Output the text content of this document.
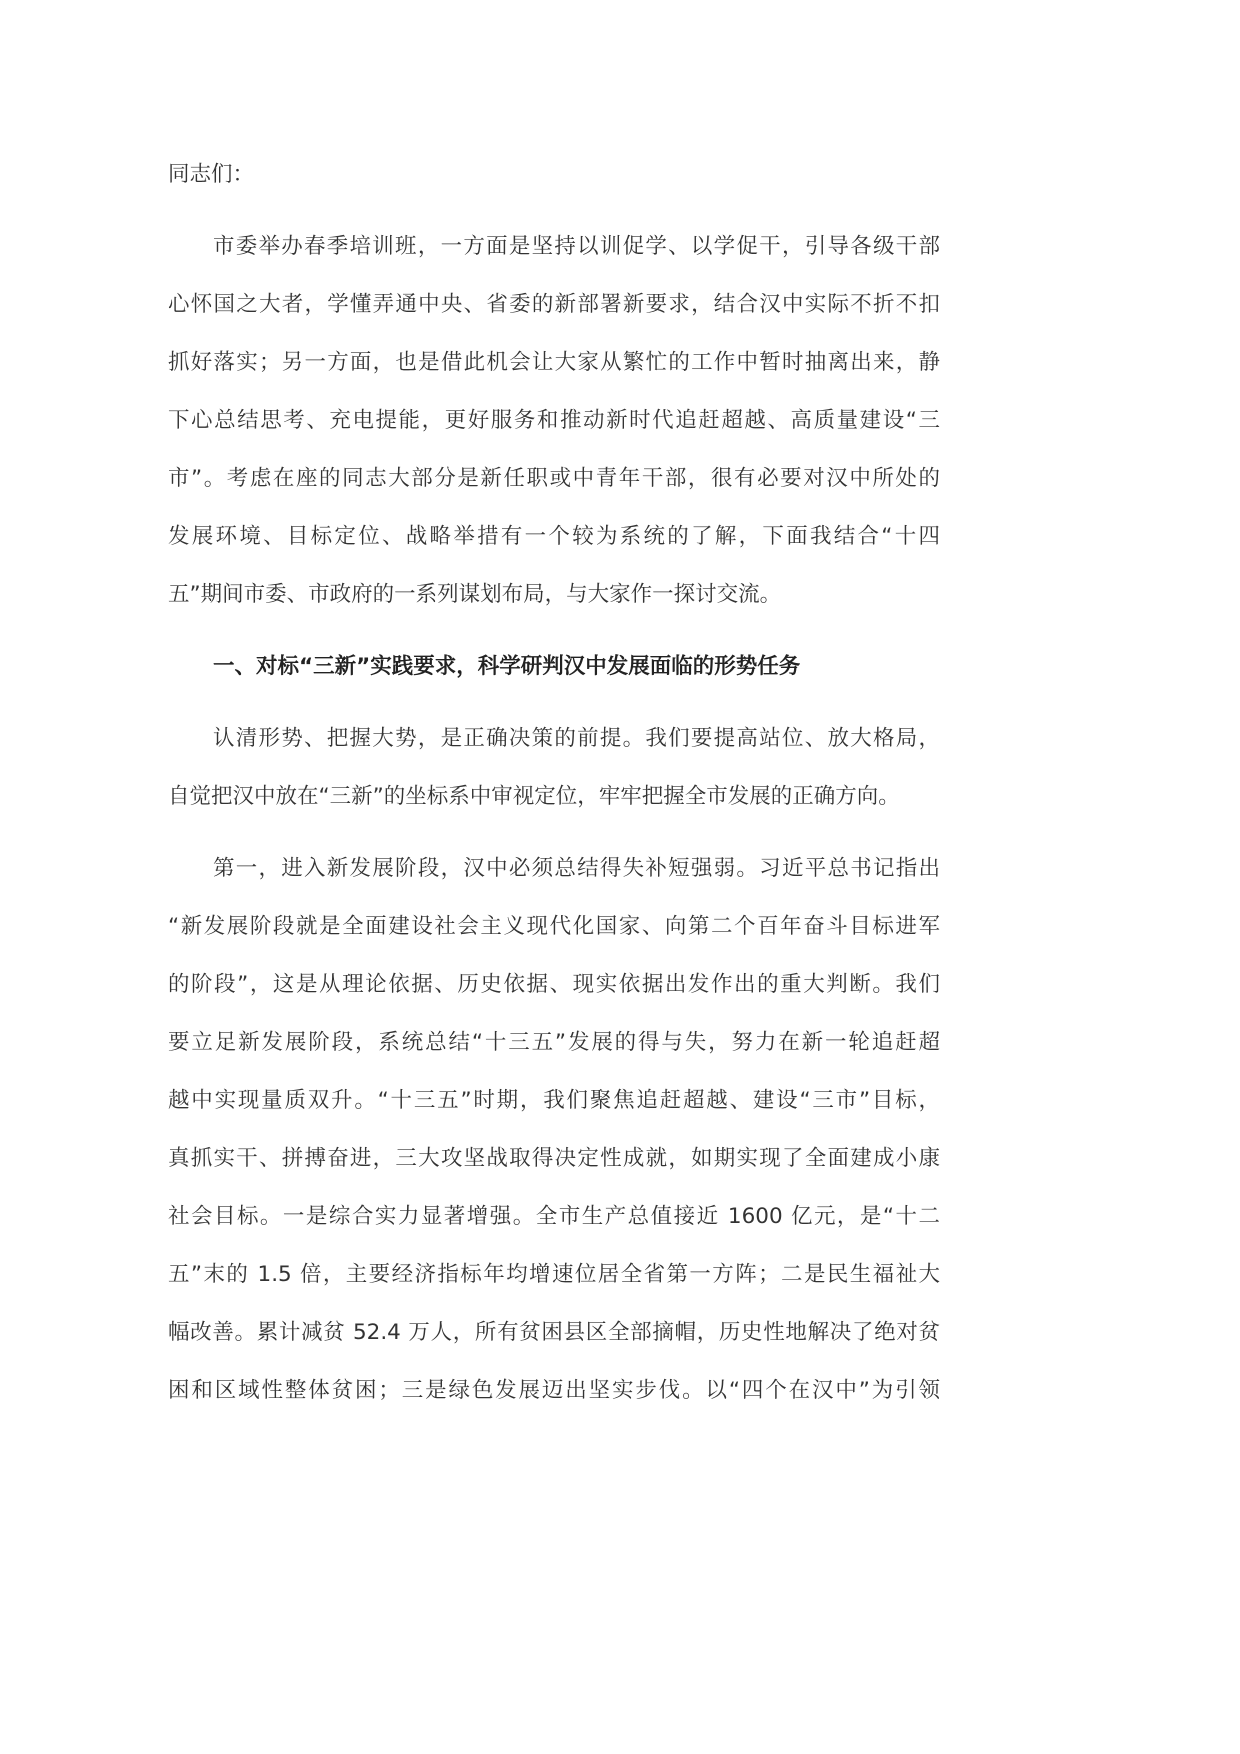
同志们：
市委举办春季培训班，一方面是坚持以训促学、以学促干，引导各级干部
心怀国之大者，学懂弄通中央、省委的新部署新要求，结合汉中实际不折不扣
抓好落实；另一方面，也是借此机会让大家从繁忙的工作中暂时抽离出来，静
下心总结思考、充电提能，更好服务和推动新时代追赶超越、高质量建设“三
市”。考虑在座的同志大部分是新任职或中青年干部，很有必要对汉中所处的
发展环境、目标定位、战略举措有一个较为系统的了解，下面我结合“十四
五”期间市委、市政府的一系列谋划布局，与大家作一探讨交流。
一、对标“三新”实践要求，科学研判汉中发展面临的形势任务
认清形势、把握大势，是正确决策的前提。我们要提高站位、放大格局，
自觉把汉中放在“三新”的坐标系中审视定位，牢牢把握全市发展的正确方向。
第一，进入新发展阶段，汉中必须总结得失补短强弱。习近平总书记指出
“新发展阶段就是全面建设社会主义现代化国家、向第二个百年奋斗目标进军
的阶段”，这是从理论依据、历史依据、现实依据出发作出的重大判断。我们
要立足新发展阶段，系统总结“十三五”发展的得与失，努力在新一轮追赶超
越中实现量质双升。“十三五”时期，我们聚焦追赶超越、建设“三市”目标，
真抓实干、拼搏奋进，三大攻坚战取得决定性成就，如期实现了全面建成小康
社会目标。一是综合实力显著增强。全市生产总值接近 1600 亿元，是“十二
五”末的 1.5 倍，主要经济指标年均增速位居全省第一方阵；二是民生福祉大
幅改善。累计减贫 52.4 万人，所有贫困县区全部摘帽，历史性地解决了绝对贫
困和区域性整体贫困；三是绿色发展迈出坚实步伐。以“四个在汉中”为引领
